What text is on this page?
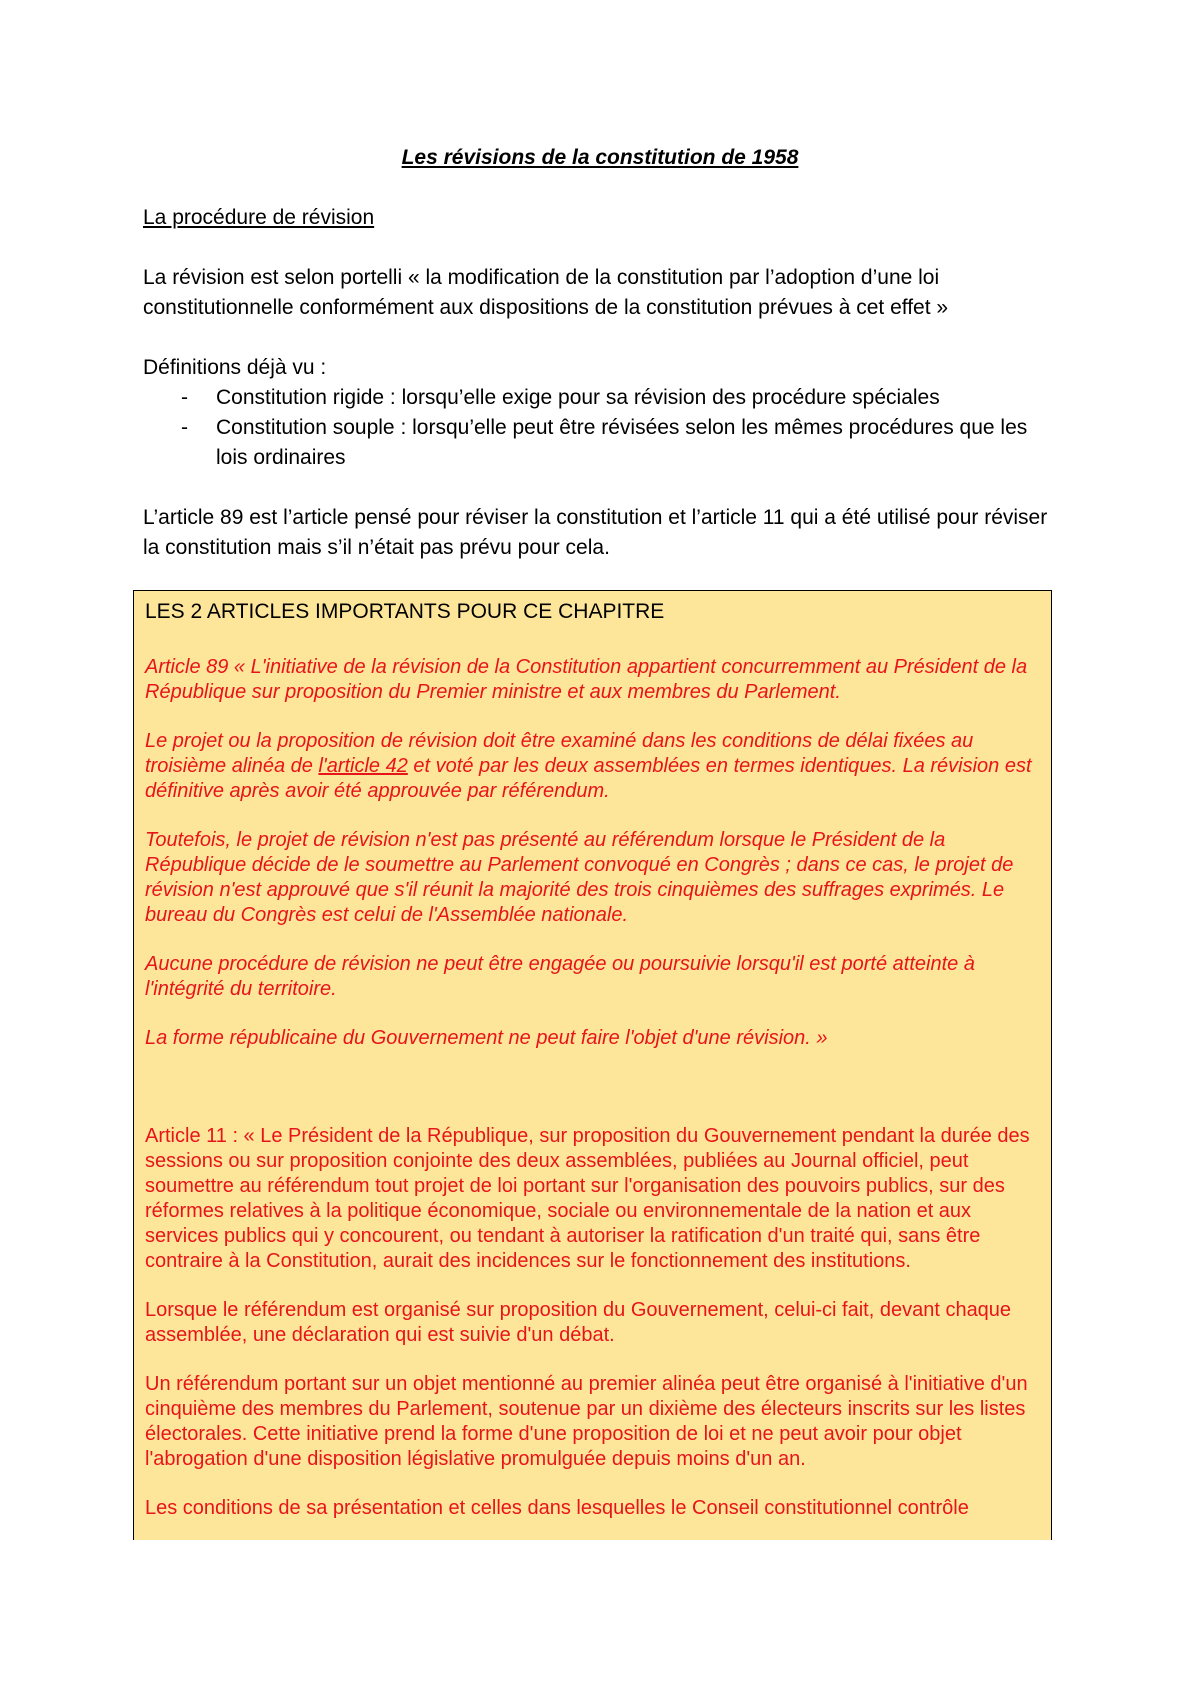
Les révisions de la constitution de 1958
La procédure de révision
La révision est selon portelli « la modification de la constitution par l’adoption d’une loi constitutionnelle conformément aux dispositions de la constitution prévues à cet effet »
Définitions déjà vu :
- Constitution rigide : lorsqu’elle exige pour sa révision des procédure spéciales
- Constitution souple : lorsqu’elle peut être révisées selon les mêmes procédures que les lois ordinaires
L’article 89 est l’article pensé pour réviser la constitution et l’article 11 qui a été utilisé pour réviser la constitution mais s’il n’était pas prévu pour cela.
LES 2 ARTICLES IMPORTANTS POUR CE CHAPITRE

Article 89 « L'initiative de la révision de la Constitution appartient concurremment au Président de la République sur proposition du Premier ministre et aux membres du Parlement.

Le projet ou la proposition de révision doit être examiné dans les conditions de délai fixées au troisième alinéa de l'article 42 et voté par les deux assemblées en termes identiques. La révision est définitive après avoir été approuvée par référendum.

Toutefois, le projet de révision n'est pas présenté au référendum lorsque le Président de la République décide de le soumettre au Parlement convoqué en Congrès ; dans ce cas, le projet de révision n'est approuvé que s'il réunit la majorité des trois cinquièmes des suffrages exprimés. Le bureau du Congrès est celui de l'Assemblée nationale.

Aucune procédure de révision ne peut être engagée ou poursuivie lorsqu'il est porté atteinte à l'intégrité du territoire.

La forme républicaine du Gouvernement ne peut faire l'objet d'une révision. »

Article 11 : « Le Président de la République, sur proposition du Gouvernement pendant la durée des sessions ou sur proposition conjointe des deux assemblées, publiées au Journal officiel, peut soumettre au référendum tout projet de loi portant sur l'organisation des pouvoirs publics, sur des réformes relatives à la politique économique, sociale ou environnementale de la nation et aux services publics qui y concourent, ou tendant à autoriser la ratification d'un traité qui, sans être contraire à la Constitution, aurait des incidences sur le fonctionnement des institutions.

Lorsque le référendum est organisé sur proposition du Gouvernement, celui-ci fait, devant chaque assemblée, une déclaration qui est suivie d'un débat.

Un référendum portant sur un objet mentionné au premier alinéa peut être organisé à l'initiative d'un cinquième des membres du Parlement, soutenue par un dixième des électeurs inscrits sur les listes électorales. Cette initiative prend la forme d'une proposition de loi et ne peut avoir pour objet l'abrogation d'une disposition législative promulguée depuis moins d'un an.

Les conditions de sa présentation et celles dans lesquelles le Conseil constitutionnel contrôle
